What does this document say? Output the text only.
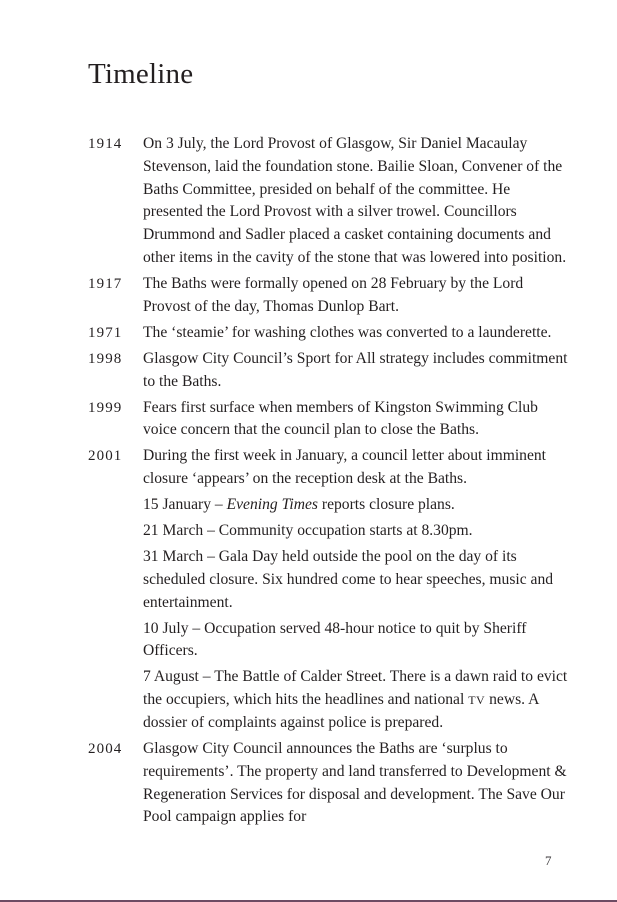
Timeline
1914	On 3 July, the Lord Provost of Glasgow, Sir Daniel Macaulay Stevenson, laid the foundation stone. Bailie Sloan, Convener of the Baths Committee, presided on behalf of the committee. He presented the Lord Provost with a silver trowel. Councillors Drummond and Sadler placed a casket containing documents and other items in the cavity of the stone that was lowered into position.

1917	The Baths were formally opened on 28 February by the Lord Provost of the day, Thomas Dunlop Bart.

1971	The ‘steamie’ for washing clothes was converted to a launderette.

1998	Glasgow City Council’s Sport for All strategy includes commitment to the Baths.

1999	Fears first surface when members of Kingston Swimming Club voice concern that the council plan to close the Baths.

2001	During the first week in January, a council letter about imminent closure ‘appears’ on the reception desk at the Baths.

15 January – Evening Times reports closure plans.

21 March – Community occupation starts at 8.30pm.

31 March – Gala Day held outside the pool on the day of its scheduled closure. Six hundred come to hear speeches, music and entertainment.

10 July – Occupation served 48-hour notice to quit by Sheriff Officers.

7 August – The Battle of Calder Street. There is a dawn raid to evict the occupiers, which hits the headlines and national TV news. A dossier of complaints against police is prepared.

2004	Glasgow City Council announces the Baths are ‘surplus to requirements’. The property and land transferred to Development & Regeneration Services for disposal and development. The Save Our Pool campaign applies for

7
